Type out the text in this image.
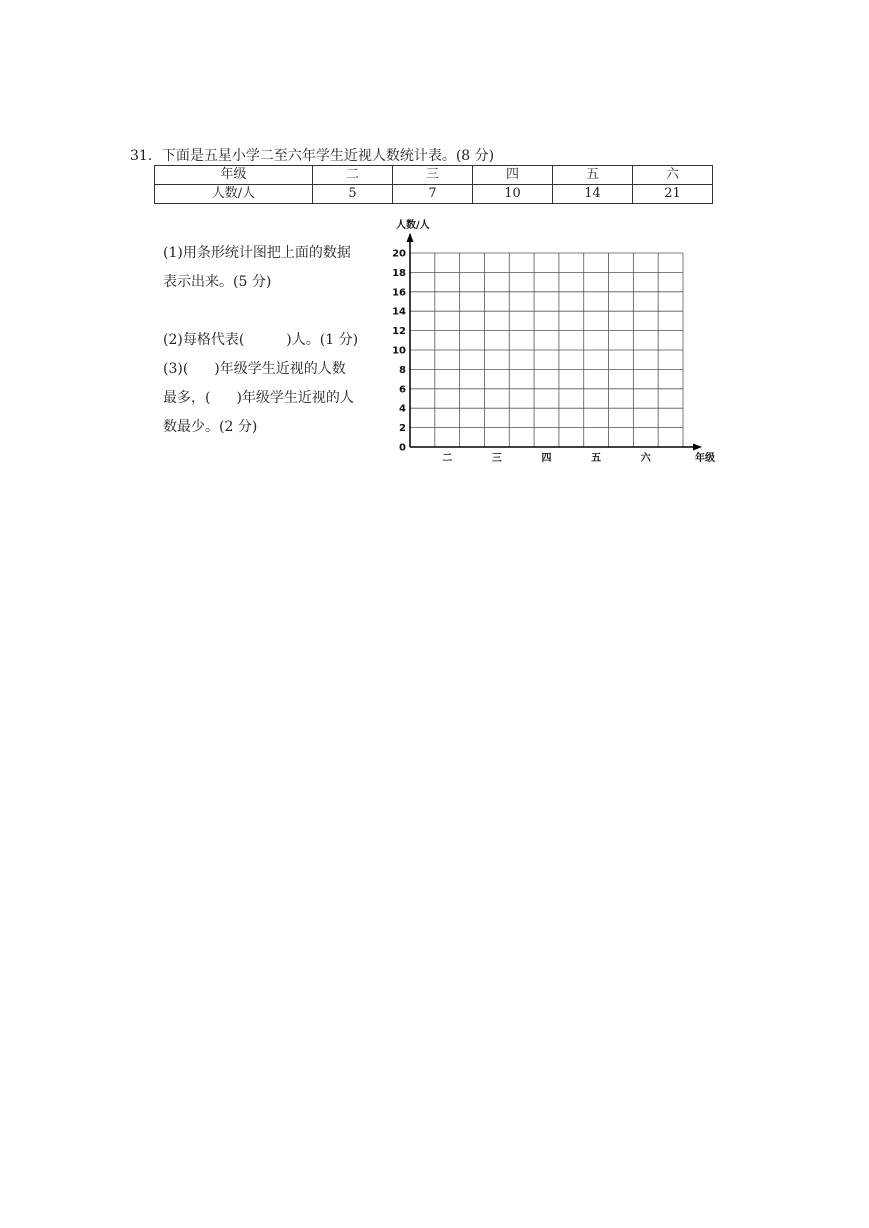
31．下面是五星小学二至六年学生近视人数统计表。(8 分)
年级	二	三	四	五	六
人数/人	5	7	10	14	21
(1)用条形统计图把上面的数据
表示出来。(5 分)
(2)每格代表(	)人。(1 分)
(3)( )年级学生近视的人数
最多，( )年级学生近视的人
数最少。(2 分)
0
2
4
6
8
10
12
14
16
18
20
二	三	四	五	六
人数/人
年级
